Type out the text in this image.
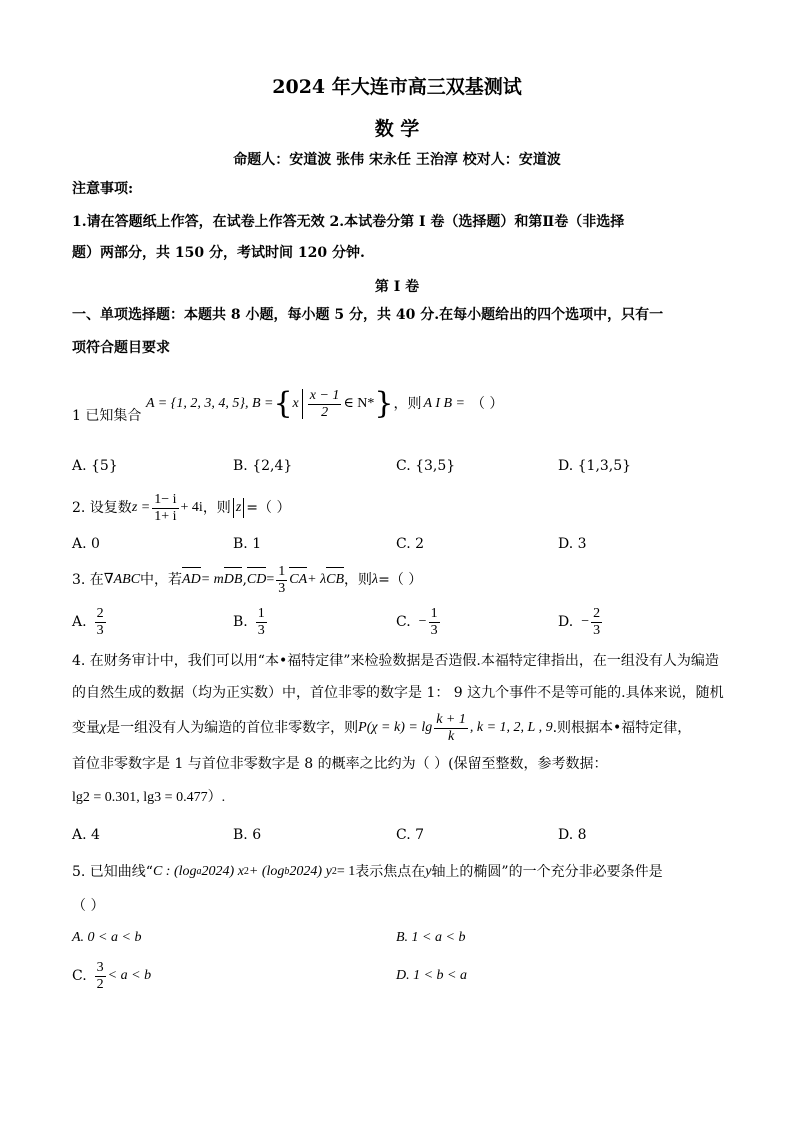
2024 年大连市高三双基测试
数 学
命题人：安道波 张伟 宋永任 王治淳 校对人：安道波
注意事项:
1.请在答题纸上作答，在试卷上作答无效 2.本试卷分第 I 卷（选择题）和第Ⅱ卷（非选择
题）两部分，共 150 分，考试时间 120 分钟.
第 I 卷
一、单项选择题：本题共 8 小题，每小题 5 分，共 40 分.在每小题给出的四个选项中，只有一
项符合题目要求
1 已知集合
A = {1, 2, 3, 4, 5}, B = { x $\frac{x - 1}{2}$ ∈ N* } ，则 A I B = （ ）
A. {5}	B. {2,4}	C. {3,5}	D. {1,3,5}
2. 设复数 $z = \frac{1- i}{1+ i} + 4i$ ，则 z = （ ）
A. 0	B. 1	C. 2	D. 3
3. 在 ∇ABC 中，若 AD = m DB , CD = $\frac{1}{3}$ CA + λ CB ，则 λ =（ ）
A. $\frac{2}{3}$	B. $\frac{1}{3}$	C. − $\frac{1}{3}$	D. − $\frac{2}{3}$
4. 在财务审计中，我们可以用“本•福特定律”来检验数据是否造假.本福特定律指出，在一组没有人为编造
的自然生成的数据（均为正实数）中，首位非零的数字是 1： 9 这九个事件不是等可能的.具体来说，随机
变量 χ 是一组没有人为编造的首位非零数字，则 $P(\chi = k) = \lg \frac{k + 1}{k}$ , k = 1, 2, L , 9 .则根据本•福特定律，
首位非零数字是 1 与首位非零数字是 8 的概率之比约为（ ）(保留至整数，参考数据：
lg2 = 0.301, lg3 = 0.477）.
A. 4	B. 6	C. 7	D. 8
5. 已知曲线“ C : (log a 2024) x 2 + (log b 2024) y 2 = 1 表示焦点在 y 轴上的椭圆”的一个充分非必要条件是
（ ）
A. 0 < a < b	B. 1 < a < b
C. $\frac{3}{2} < a < b$	D. 1 < b < a
